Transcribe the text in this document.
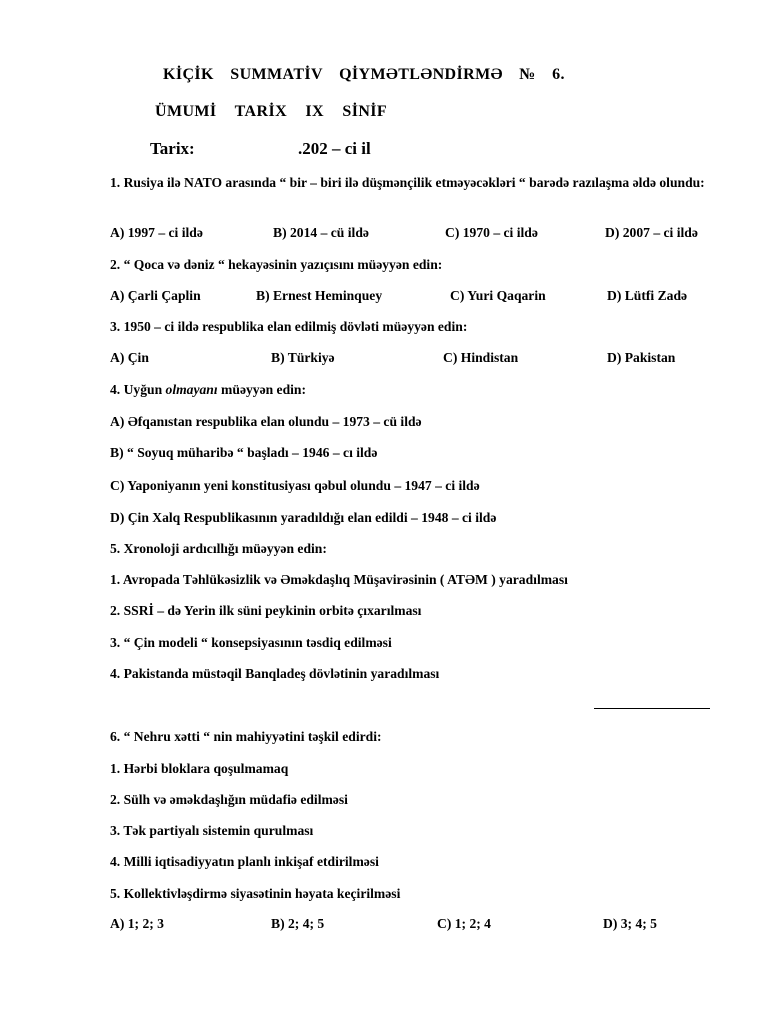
KİÇİK SUMMATİV QİYMƏTLƏNDİRMƏ № 6.
ÜMUMİ TARİX IX SİNİF
Tarix:	.202 – ci il
1. Rusiya ilə NATO arasında “ bir – biri ilə düşmənçilik etməyəcəkləri “ barədə razılaşma əldə olundu:
A) 1997 – ci ildə	B) 2014 – cü ildə	C) 1970 – ci ildə	D) 2007 – ci ildə
2. “ Qoca və dəniz “ hekayəsinin yazıçısını müəyyən edin:
A) Çarli Çaplin	B) Ernest Heminquey	C) Yuri Qaqarin	D) Lütfi Zadə
3. 1950 – ci ildə respublika elan edilmiş dövləti müəyyən edin:
A) Çin	B) Türkiyə	C) Hindistan	D) Pakistan
4. Uyğun olmayanı müəyyən edin:
A) Əfqanıstan respublika elan olundu – 1973 – cü ildə
B) “ Soyuq müharibə “ başladı – 1946 – cı ildə
C) Yaponiyanın yeni konstitusiyası qəbul olundu – 1947 – ci ildə
D) Çin Xalq Respublikasının yaradıldığı elan edildi – 1948 – ci ildə
5. Xronoloji ardıcıllığı müəyyən edin:
1. Avropada Təhlükəsizlik və Əməkdaşlıq Müşavirəsinin ( ATƏM ) yaradılması
2. SSRİ – də Yerin ilk süni peykinin orbitə çıxarılması
3. “ Çin modeli “ konsepsiyasının təsdiq edilməsi
4. Pakistanda müstəqil Banqladeş dövlətinin yaradılması
6. “ Nehru xətti “ nin mahiyyətini təşkil edirdi:
1. Hərbi bloklara qoşulmamaq
2. Sülh və əməkdaşlığın müdafiə edilməsi
3. Tək partiyalı sistemin qurulması
4. Milli iqtisadiyyatın planlı inkişaf etdirilməsi
5. Kollektivləşdirmə siyasətinin həyata keçirilməsi
A) 1; 2; 3	B) 2; 4; 5	C) 1; 2; 4	D) 3; 4; 5
